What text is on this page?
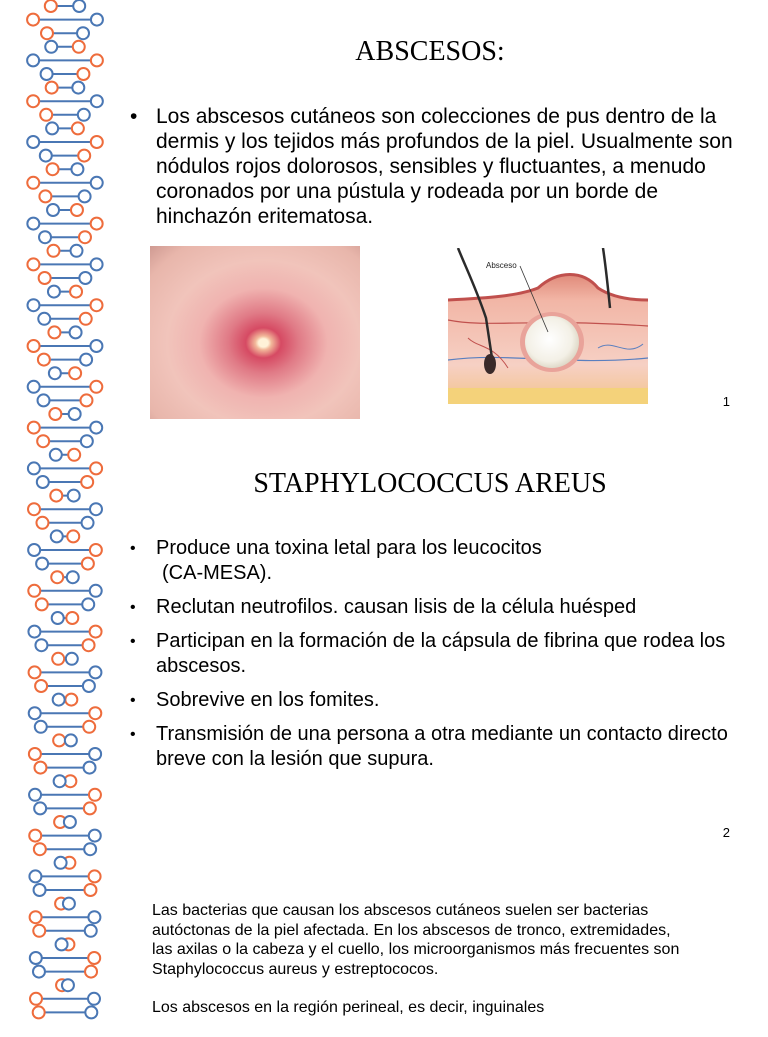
ABSCESOS:
• Los abscesos cutáneos son colecciones de pus dentro de la dermis y los tejidos más profundos de la piel. Usualmente son nódulos rojos dolorosos, sensibles y fluctuantes, a menudo coronados por una pústula y rodeada por un borde de hinchazón eritematosa.
Absceso
1
STAPHYLOCOCCUS AREUS
• Produce una toxina letal para los leucocitos
(CA-MESA).
• Reclutan neutrofilos. causan lisis de la célula huésped
• Participan en la formación de la cápsula de fibrina que rodea los abscesos.
• Sobrevive en los fomites.
• Transmisión de una persona a otra mediante un contacto directo breve con la lesión que supura.
2

Las bacterias que causan los abscesos cutáneos suelen ser bacterias autóctonas de la piel afectada. En los abscesos de tronco, extremidades, las axilas o la cabeza y el cuello, los microorganismos más frecuentes son Staphylococcus aureus y estreptococos.

Los abscesos en la región perineal, es decir, inguinales
